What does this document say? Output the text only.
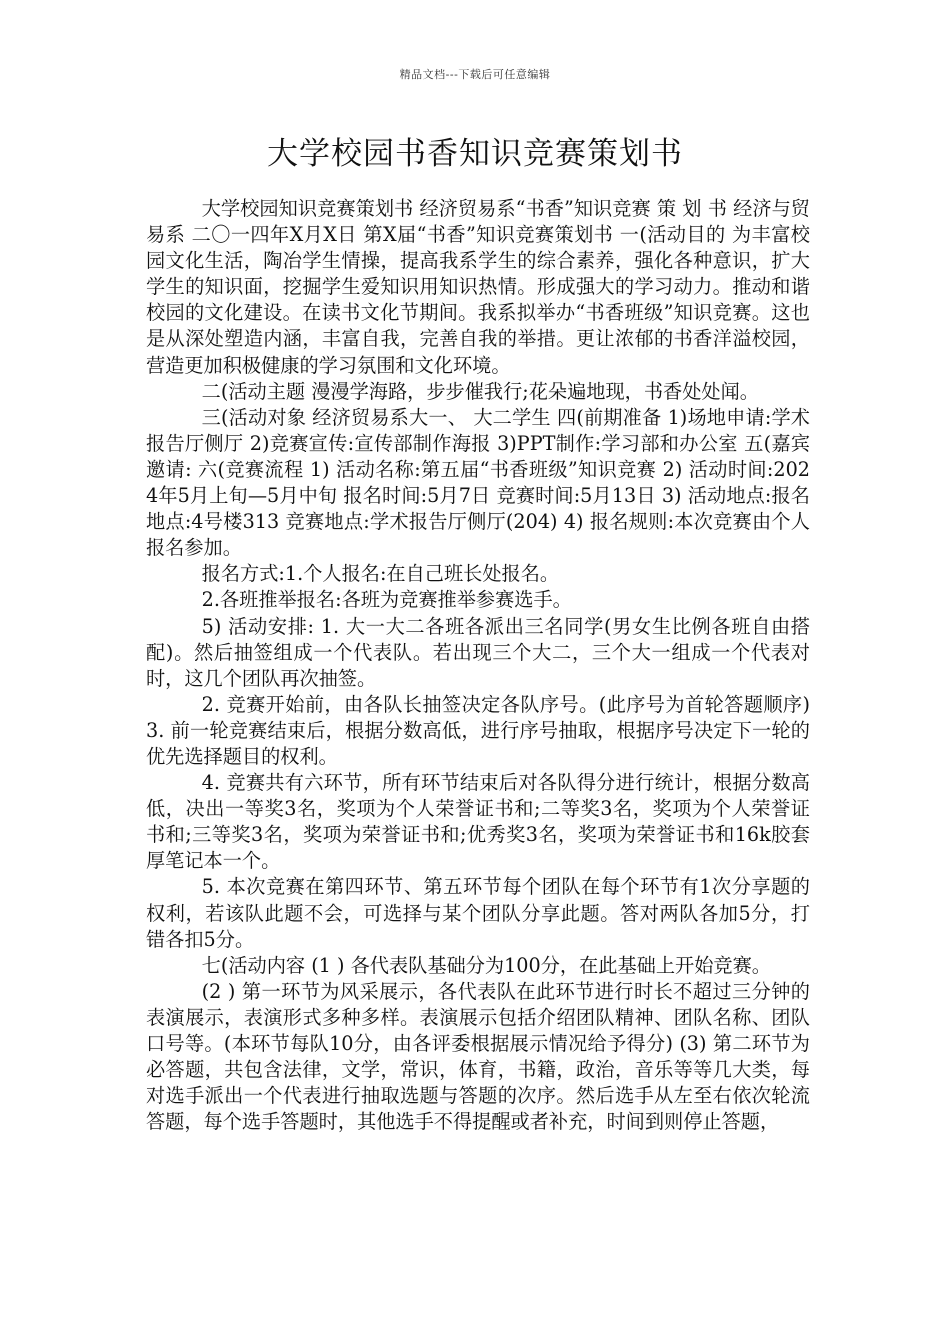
精品文档---下载后可任意编辑
大学校园书香知识竞赛策划书

大学校园知识竞赛策划书 经济贸易系“书香”知识竞赛 策 划 书 经济与贸易系 二〇一四年X月X日 第X届“书香”知识竞赛策划书 一(活动目的 为丰富校园文化生活，陶冶学生情操，提高我系学生的综合素养，强化各种意识，扩大学生的知识面，挖掘学生爱知识用知识热情。形成强大的学习动力。推动和谐校园的文化建设。在读书文化节期间。我系拟举办“书香班级”知识竞赛。这也是从深处塑造内涵，丰富自我，完善自我的举措。更让浓郁的书香洋溢校园，营造更加积极健康的学习氛围和文化环境。

二(活动主题 漫漫学海路，步步催我行;花朵遍地现，书香处处闻。

三(活动对象 经济贸易系大一、 大二学生 四(前期准备 1)场地申请:学术报告厅侧厅 2)竞赛宣传:宣传部制作海报 3)PPT制作:学习部和办公室 五(嘉宾邀请: 六(竞赛流程 1) 活动名称:第五届“书香班级”知识竞赛 2) 活动时间:2024年5月上旬—5月中旬 报名时间:5月7日 竞赛时间:5月13日 3) 活动地点:报名地点:4号楼313 竞赛地点:学术报告厅侧厅(204) 4) 报名规则:本次竞赛由个人报名参加。

报名方式:1.个人报名:在自己班长处报名。

2.各班推举报名:各班为竞赛推举参赛选手。

5) 活动安排: 1. 大一大二各班各派出三名同学(男女生比例各班自由搭配)。然后抽签组成一个代表队。若出现三个大二，三个大一组成一个代表对时，这几个团队再次抽签。

2. 竞赛开始前，由各队长抽签决定各队序号。(此序号为首轮答题顺序) 3. 前一轮竞赛结束后，根据分数高低，进行序号抽取，根据序号决定下一轮的优先选择题目的权利。

4. 竞赛共有六环节，所有环节结束后对各队得分进行统计，根据分数高低，决出一等奖3名，奖项为个人荣誉证书和;二等奖3名，奖项为个人荣誉证书和;三等奖3名，奖项为荣誉证书和;优秀奖3名，奖项为荣誉证书和16k胶套厚笔记本一个。

5. 本次竞赛在第四环节、第五环节每个团队在每个环节有1次分享题的权利，若该队此题不会，可选择与某个团队分享此题。答对两队各加5分，打错各扣5分。

七(活动内容 (1 ) 各代表队基础分为100分，在此基础上开始竞赛。

(2 ) 第一环节为风采展示，各代表队在此环节进行时长不超过三分钟的表演展示，表演形式多种多样。表演展示包括介绍团队精神、团队名称、团队口号等。(本环节每队10分，由各评委根据展示情况给予得分) (3) 第二环节为必答题，共包含法律，文学，常识，体育，书籍，政治，音乐等等几大类，每对选手派出一个代表进行抽取选题与答题的次序。然后选手从左至右依次轮流答题，每个选手答题时，其他选手不得提醒或者补充，时间到则停止答题，
